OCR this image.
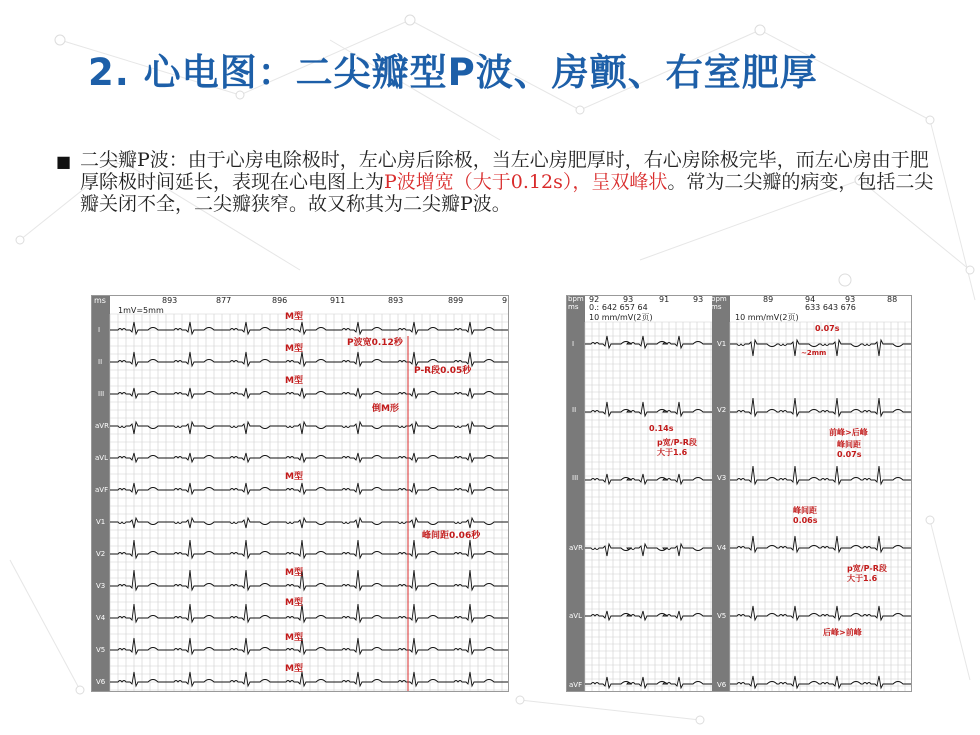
2. 心电图：二尖瓣型P波、房颤、右室肥厚
■ 二尖瓣P波：由于心房电除极时，左心房后除极，当左心房肥厚时，右心房除极完毕，而左心房由于肥厚除极时间延长，表现在心电图上为P波增宽（大于0.12s），呈双峰状。常为二尖瓣的病变，包括二尖瓣关闭不全，二尖瓣狭窄。故又称其为二尖瓣P波。
ms
1mV=5mm
893	877	896	911	893	899	9
I
II
III
aVR
aVL
aVF
V1
V2
V3
V4
V5
V6
M型
M型
P波宽0.12秒
P-R段0.05秒
M型
倒M形
M型
峰间距0.06秒
M型
M型
M型
M型
bpm
ms
92	93	91	93 bpm
ms
89	94	93	88
0.ː 642 657 64	633 643 676
10 mm/mV(2页)	10 mm/mV(2页)
I
II
III
aVR
aVL
aVF
V1
V2
V3
V4
V5
V6
0.07s
~2mm
0.14s
p宽/P-R段
大于1.6
前峰>后峰
峰间距
0.07s
峰间距
0.06s
p宽/P-R段
大于1.6
后峰>前峰
